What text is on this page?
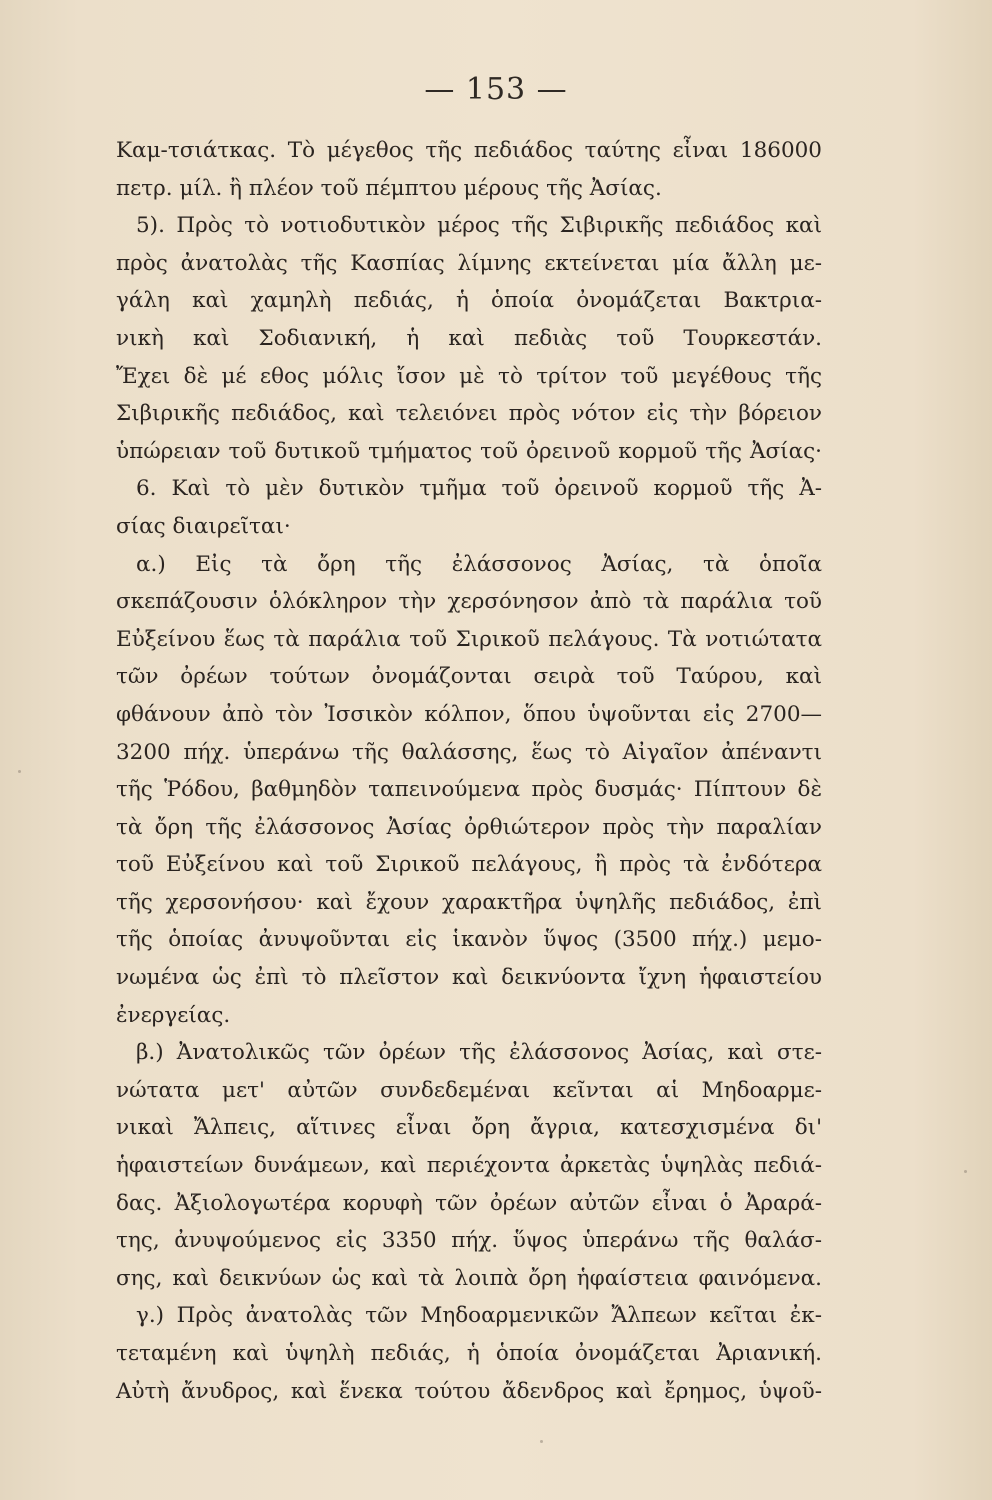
— 153 —
Καμ-τσιάτκας. Τὸ μέγεθος τῆς πεδιάδος ταύτης εἶναι 186000
πετρ. μίλ. ἢ πλέον τοῦ πέμπτου μέρους τῆς Ἀσίας.
5). Πρὸς τὸ νοτιοδυτικὸν μέρος τῆς Σιβιρικῆς πεδιάδος καὶ
πρὸς ἀνατολὰς τῆς Κασπίας λίμνης εκτείνεται μία ἄλλη με-
γάλη καὶ χαμηλὴ πεδιάς, ἡ ὁποία ὀνομάζεται Βακτρια-
νικὴ καὶ Σοδιανική, ἡ καὶ πεδιὰς τοῦ Τουρκεστάν.
Ἔχει δὲ μέ εθος μόλις ἴσον μὲ τὸ τρίτον τοῦ μεγέθους τῆς
Σιβιρικῆς πεδιάδος, καὶ τελειόνει πρὸς νότον εἰς τὴν βόρειον
ὑπώρειαν τοῦ δυτικοῦ τμήματος τοῦ ὀρεινοῦ κορμοῦ τῆς Ἀσίας·
6. Καὶ τὸ μὲν δυτικὸν τμῆμα τοῦ ὀρεινοῦ κορμοῦ τῆς Ἀ-
σίας διαιρεῖται·
α.) Εἰς τὰ ὄρη τῆς ἐλάσσονος Ἀσίας, τὰ ὁποῖα
σκεπάζουσιν ὁλόκληρον τὴν χερσόνησον ἀπὸ τὰ παράλια τοῦ
Εὐξείνου ἕως τὰ παράλια τοῦ Σιρικοῦ πελάγους. Τὰ νοτιώτατα
τῶν ὀρέων τούτων ὀνομάζονται σειρὰ τοῦ Ταύρου, καὶ
φθάνουν ἀπὸ τὸν Ἰσσικὸν κόλπον, ὅπου ὑψοῦνται εἰς 2700—
3200 πήχ. ὑπεράνω τῆς θαλάσσης, ἕως τὸ Αἰγαῖον ἀπέναντι
τῆς Ῥόδου, βαθμηδὸν ταπεινούμενα πρὸς δυσμάς· Πίπτουν δὲ
τὰ ὄρη τῆς ἐλάσσονος Ἀσίας ὀρθιώτερον πρὸς τὴν παραλίαν
τοῦ Εὐξείνου καὶ τοῦ Σιρικοῦ πελάγους, ἢ πρὸς τὰ ἐνδότερα
τῆς χερσονήσου· καὶ ἔχουν χαρακτῆρα ὑψηλῆς πεδιάδος, ἐπὶ
τῆς ὁποίας ἀνυψοῦνται εἰς ἱκανὸν ὕψος (3500 πήχ.) μεμο-
νωμένα ὡς ἐπὶ τὸ πλεῖστον καὶ δεικνύοντα ἴχνη ἡφαιστείου
ἐνεργείας.
β.) Ἀνατολικῶς τῶν ὀρέων τῆς ἐλάσσονος Ἀσίας, καὶ στε-
νώτατα μετ' αὐτῶν συνδεδεμέναι κεῖνται αἱ Μηδοαρμε-
νικαὶ Ἄλπεις, αἵτινες εἶναι ὄρη ἄγρια, κατεσχισμένα δι'
ἡφαιστείων δυνάμεων, καὶ περιέχοντα ἀρκετὰς ὑψηλὰς πεδιά-
δας. Ἀξιολογωτέρα κορυφὴ τῶν ὀρέων αὐτῶν εἶναι ὁ Ἀραρά-
της, ἀνυψούμενος εἰς 3350 πήχ. ὕψος ὑπεράνω τῆς θαλάσ-
σης, καὶ δεικνύων ὡς καὶ τὰ λοιπὰ ὄρη ἡφαίστεια φαινόμενα.
γ.) Πρὸς ἀνατολὰς τῶν Μηδοαρμενικῶν Ἄλπεων κεῖται ἐκ-
τεταμένη καὶ ὑψηλὴ πεδιάς, ἡ ὁποία ὀνομάζεται Ἀριανική.
Αὐτὴ ἄνυδρος, καὶ ἕνεκα τούτου ἄδενδρος καὶ ἔρημος, ὑψοῦ-
